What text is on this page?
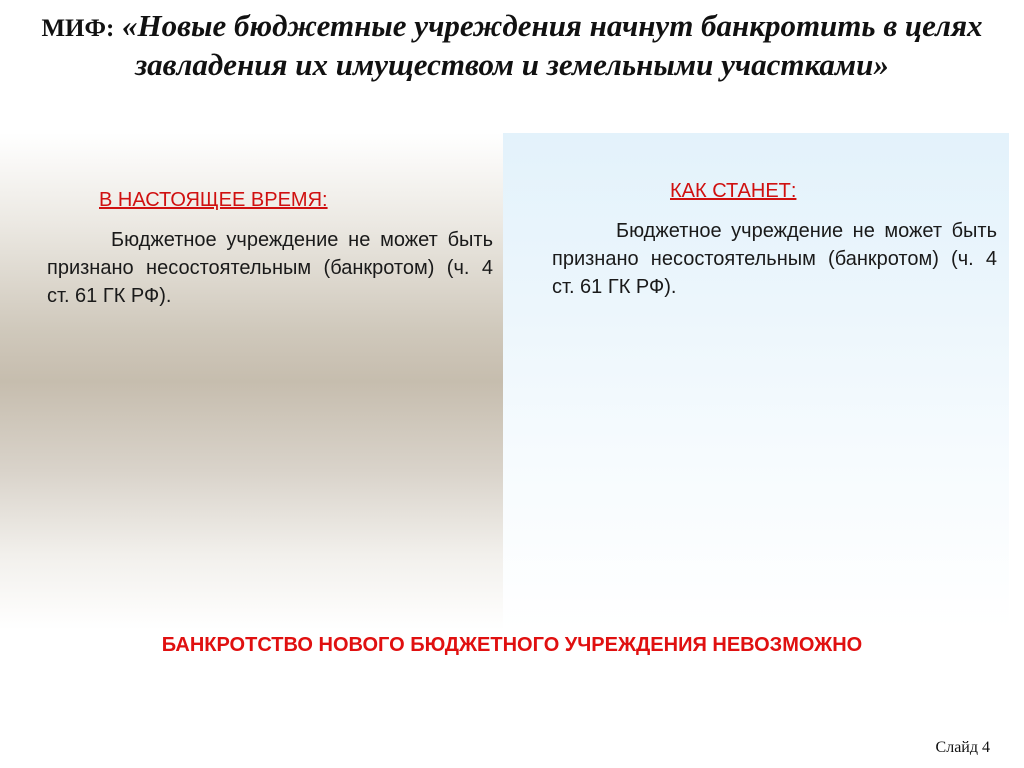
МИФ: «Новые бюджетные учреждения начнут банкротить в целях завладения их имуществом и земельными участками»
В НАСТОЯЩЕЕ ВРЕМЯ:
Бюджетное учреждение не может быть признано несостоятельным (банкротом) (ч. 4 ст. 61 ГК РФ).
КАК СТАНЕТ:
Бюджетное учреждение не может быть признано несостоятельным (банкротом) (ч. 4 ст. 61 ГК РФ).
БАНКРОТСТВО НОВОГО БЮДЖЕТНОГО УЧРЕЖДЕНИЯ НЕВОЗМОЖНО
Слайд 4
